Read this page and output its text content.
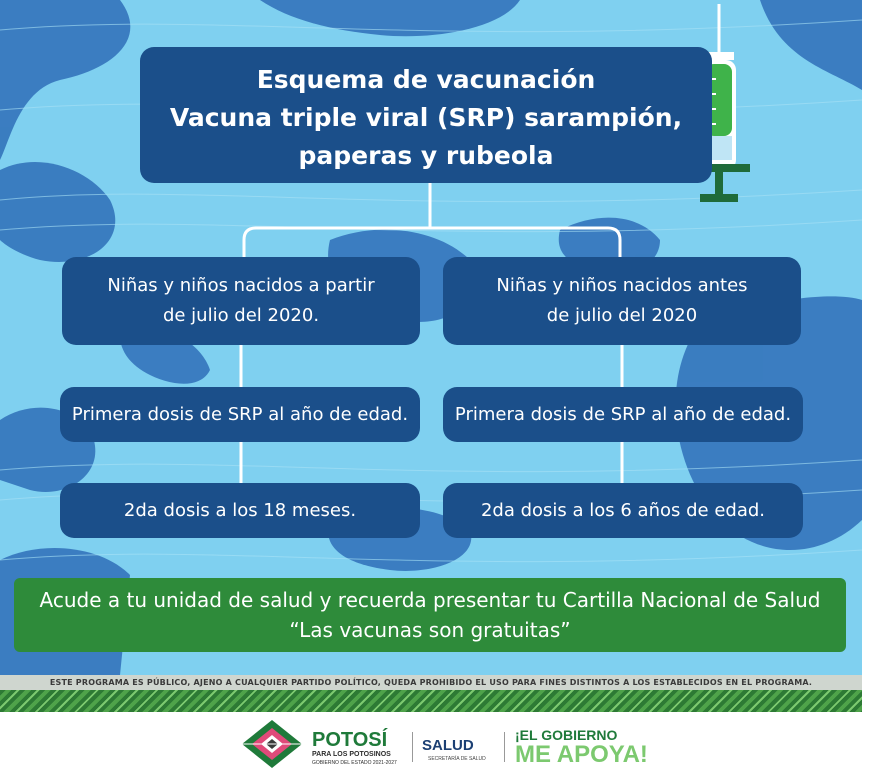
Esquema de vacunación
Vacuna triple viral (SRP) sarampión,
paperas y rubeola
Niñas y niños nacidos a partir
de julio del 2020.
Niñas y niños nacidos antes
de julio del 2020
Primera dosis de SRP al año de edad.	Primera dosis de SRP al año de edad.
2da dosis a los 18 meses.	2da dosis a los 6 años de edad.
Acude a tu unidad de salud y recuerda presentar tu Cartilla Nacional de Salud
“Las vacunas son gratuitas”
ESTE PROGRAMA ES PÚBLICO, AJENO A CUALQUIER PARTIDO POLÍTICO, QUEDA PROHIBIDO EL USO PARA FINES DISTINTOS A LOS ESTABLECIDOS EN EL PROGRAMA.
POTOSÍ
PARA LOS POTOSINOS
GOBIERNO DEL ESTADO 2021-2027
SALUD
SECRETARÍA DE SALUD
¡EL GOBIERNO
ME APOYA!
